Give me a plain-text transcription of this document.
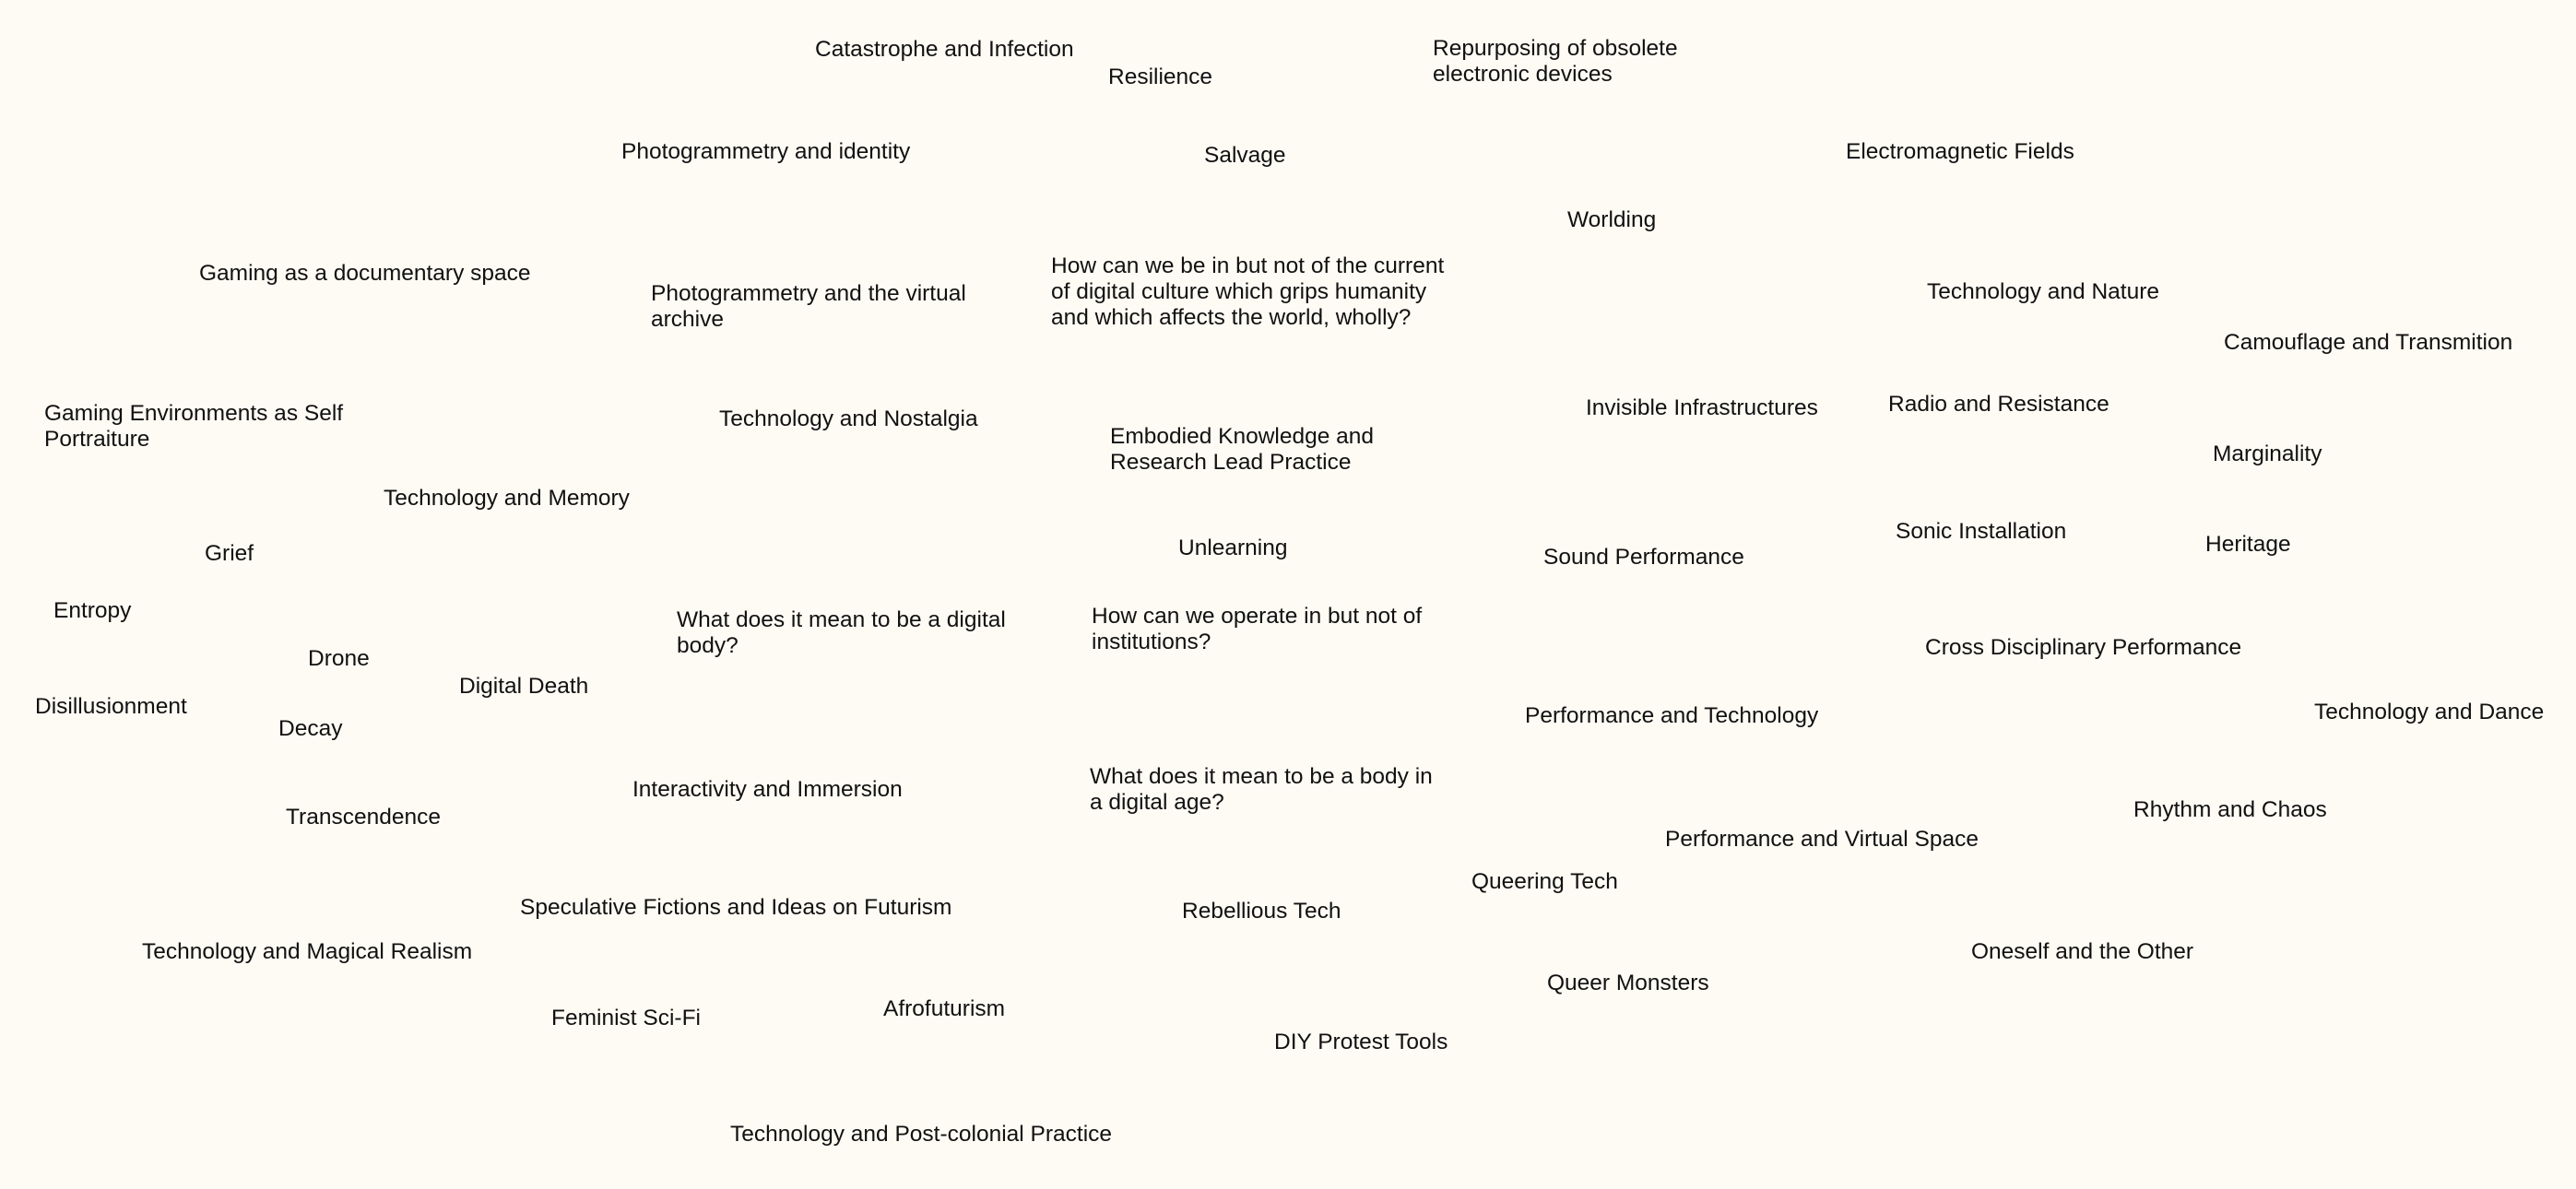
Catastrophe and Infection
Resilience
Repurposing of obsolete electronic devices
Photogrammetry and identity	Salvage	Electromagnetic Fields
Worlding
Gaming as a documentary space
Photogrammetry and the virtual archive
How can we be in but not of the current of digital culture which grips humanity and which affects the world, wholly?
Technology and Nature
Camouflage and Transmition
Gaming Environments as Self Portraiture
Technology and Nostalgia	Invisible Infrastructures	Radio and Resistance
Embodied Knowledge and Research Lead Practice	Marginality
Technology and Memory
Unlearning
Sonic Installation
Heritage
Grief	Sound Performance
Entropy	What does it mean to be a digital body?
How can we operate in but not of institutions?
Drone	Cross Disciplinary Performance
Digital Death
Disillusionment	Technology and Dance
Performance and Technology
Decay
What does it mean to be a body in a digital age?
Interactivity and Immersion
Rhythm and Chaos
Transcendence
Performance and Virtual Space
Queering Tech
Speculative Fictions and Ideas on Futurism	Rebellious Tech
Technology and Magical Realism	Oneself and the Other
Queer Monsters
Afrofuturism
Feminist Sci-Fi
DIY Protest Tools
Technology and Post-colonial Practice
